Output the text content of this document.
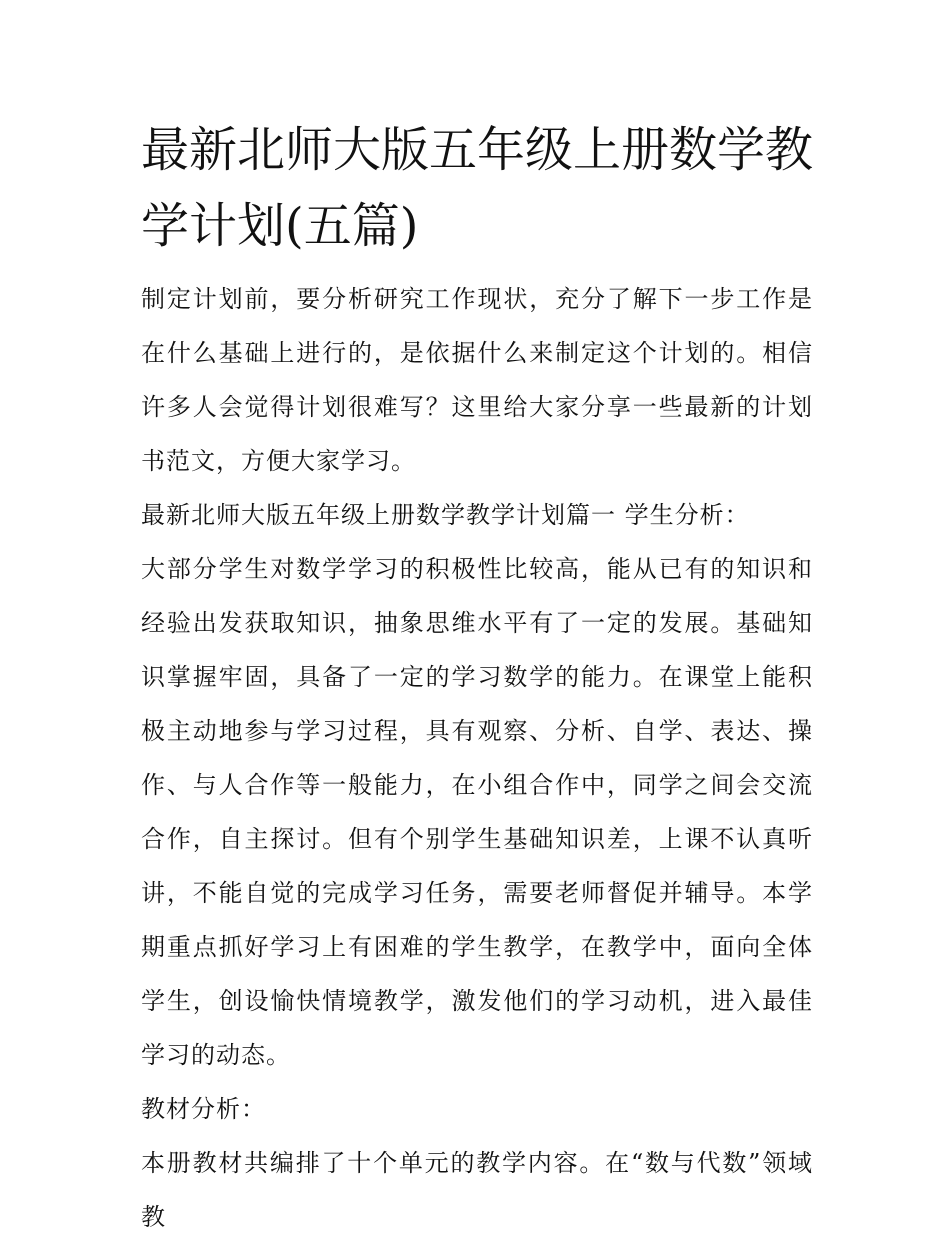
最新北师大版五年级上册数学教学计划(五篇)

制定计划前，要分析研究工作现状，充分了解下一步工作是在什么基础上进行的，是依据什么来制定这个计划的。相信许多人会觉得计划很难写？这里给大家分享一些最新的计划书范文，方便大家学习。

最新北师大版五年级上册数学教学计划篇一 学生分析：

大部分学生对数学学习的积极性比较高，能从已有的知识和经验出发获取知识，抽象思维水平有了一定的发展。基础知识掌握牢固，具备了一定的学习数学的能力。在课堂上能积极主动地参与学习过程，具有观察、分析、自学、表达、操作、与人合作等一般能力，在小组合作中，同学之间会交流合作，自主探讨。但有个别学生基础知识差，上课不认真听讲，不能自觉的完成学习任务，需要老师督促并辅导。本学期重点抓好学习上有困难的学生教学，在教学中，面向全体学生，创设愉快情境教学，激发他们的学习动机，进入最佳学习的动态。

教材分析：

本册教材共编排了十个单元的教学内容。在“数与代数”领域教
